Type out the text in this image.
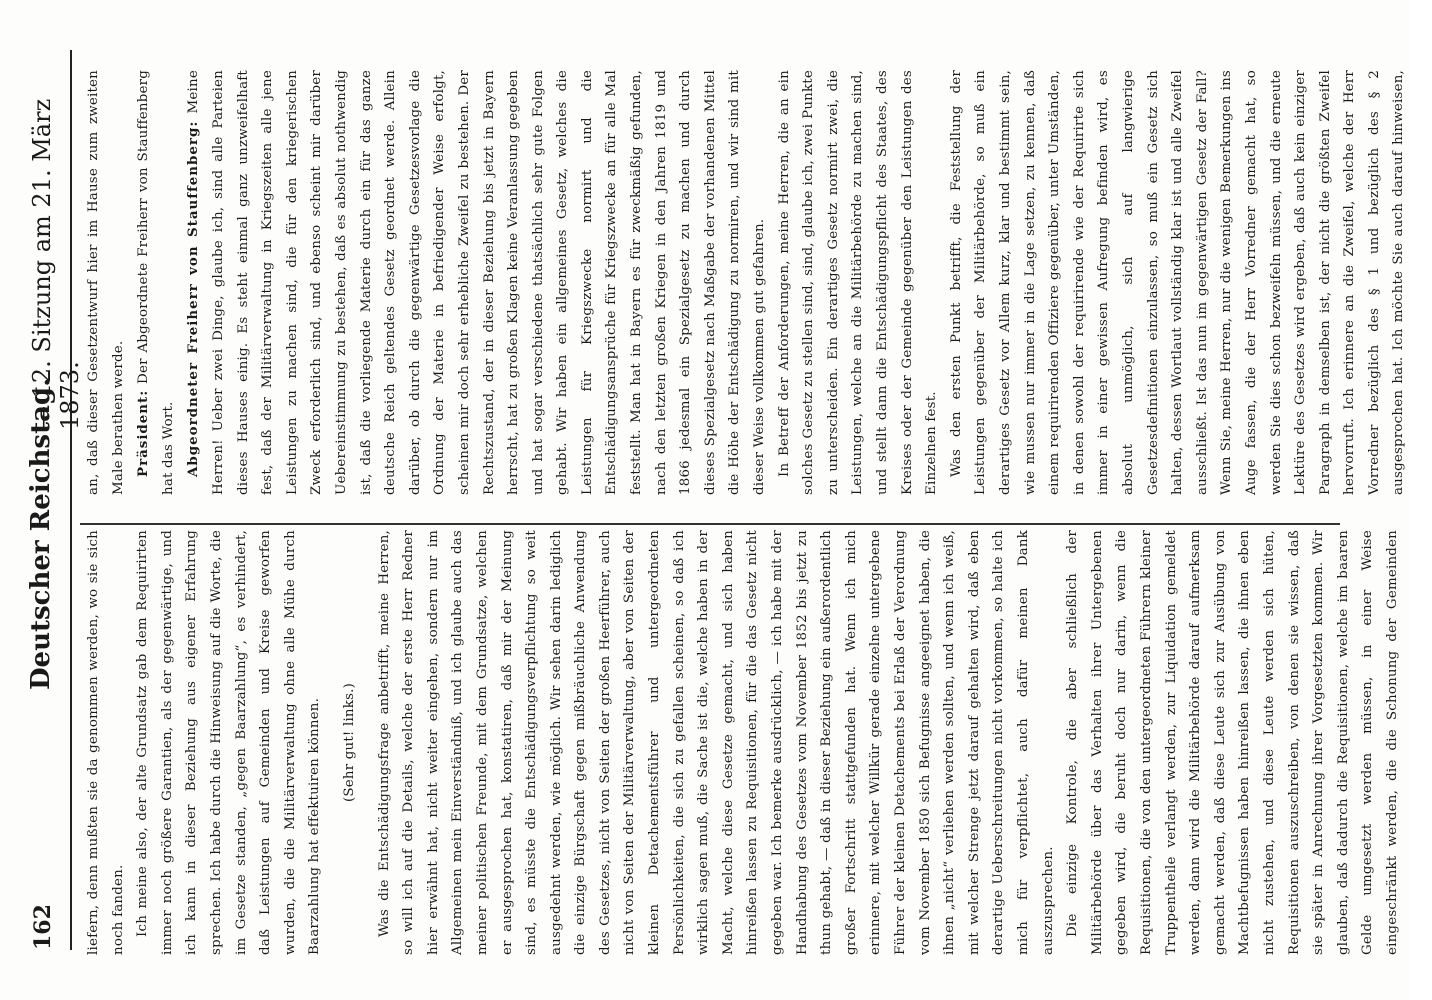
162
Deutscher Reichstag.
— 12. Sitzung am 21. März 1873.

liefern, denn mußten sie da genommen werden, wo sie sich noch fanden. Ich meine also, der alte Grundsatz gab dem Requirirten immer noch größere Garantien, als der gegenwärtige, und ich kann in dieser Beziehung aus eigener Erfahrung sprechen. Ich habe durch die Hinweisung auf die Worte, die im Gesetze standen, „gegen Baarzahlung“, es verhindert, daß Leistungen auf Gemeinden und Kreise geworfen wurden, die die Militärverwaltung ohne alle Mühe durch Baarzahlung hat effektuiren können.	(Sehr gut! links.)	Was die Entschädigungsfrage anbetrifft, meine Herren, so will ich auf die Details, welche der erste Herr Redner hier erwähnt hat, nicht weiter eingehen, sondern nur im Allgemeinen mein Einverständniß, und ich glaube auch das meiner politischen Freunde, mit dem Grundsatze, welchen er ausgesprochen hat, konstatiren, daß mir der Meinung sind, es müsste die Entschädigungsverpflichtung so weit ausgedehnt werden, wie möglich. Wir sehen darin lediglich die einzige Bürgschaft gegen mißbräuchliche Anwendung des Gesetzes, nicht von Seiten der großen Heerführer, auch nicht von Seiten der Militärverwaltung, aber von Seiten der kleinen Detachementsführer und untergeordneten Persönlichkeiten, die sich zu gefallen scheinen, so daß ich wirklich sagen muß, die Sache ist die, welche haben in der Macht, welche diese Gesetze gemacht, und sich haben hinreißen lassen zu Requisitionen, für die das Gesetz nicht gegeben war. Ich bemerke ausdrücklich, — ich habe mit der Handhabung des Gesetzes vom November 1852 bis jetzt zu thun gehabt, — daß in dieser Beziehung ein außerordentlich großer Fortschritt stattgefunden hat. Wenn ich mich erinnere, mit welcher Willkür gerade einzelne untergebene Führer der kleinen Detachements bei Erlaß der Verordnung vom November 1850 sich Befugnisse angeeignet haben, die ihnen „nicht“ verliehen werden sollten, und wenn ich weiß, mit welcher Strenge jetzt darauf gehalten wird, daß eben derartige Ueberschreitungen nicht vorkommen, so halte ich mich für verpflichtet, auch dafür meinen Dank auszusprechen. Die einzige Kontrole, die aber schließlich der Militärbehörde über das Verhalten ihrer Untergebenen gegeben wird, die beruht doch nur darin, wenn die Requisitionen, die von den untergeordneten Führern kleiner Truppentheile verlangt werden, zur Liquidation gemeldet werden, dann wird die Militärbehörde darauf aufmerksam gemacht werden, daß diese Leute sich zur Ausübung von Machtbefugnissen haben hinreißen lassen, die ihnen eben nicht zustehen, und diese Leute werden sich hüten, Requisitionen auszuschreiben, von denen sie wissen, daß sie später in Anrechnung ihrer Vorgesetzten kommen. Wir glauben, daß dadurch die Requisitionen, welche im baaren Gelde umgesetzt werden müssen, in einer Weise eingeschränkt werden, die die Schonung der Gemeinden

an, daß dieser Gesetzentwurf hier im Hause zum zweiten Male berathen werde. Präsident: Der Abgeordnete Freiherr von Stauffenberg hat das Wort. Abgeordneter Freiherr von Stauffenberg: Meine Herren! Ueber zwei Dinge, glaube ich, sind alle Parteien dieses Hauses einig. Es steht einmal ganz unzweifelhaft fest, daß der Militärverwaltung in Kriegszeiten alle jene Leistungen zu machen sind, die für den kriegerischen Zweck erforderlich sind, und ebenso scheint mir darüber Uebereinstimmung zu bestehen, daß es absolut nothwendig ist, daß die vorliegende Materie durch ein für das ganze deutsche Reich geltendes Gesetz geordnet werde. Allein darüber, ob durch die gegenwärtige Gesetzesvorlage die Ordnung der Materie in befriedigender Weise erfolgt, scheinen mir doch sehr erhebliche Zweifel zu bestehen. Der Rechtszustand, der in dieser Beziehung bis jetzt in Bayern herrscht, hat zu großen Klagen keine Veranlassung gegeben und hat sogar verschiedene thatsächlich sehr gute Folgen gehabt. Wir haben ein allgemeines Gesetz, welches die Leistungen für Kriegszwecke normirt und die Entschädigungsansprüche für Kriegszwecke an für alle Mal feststellt. Man hat in Bayern es für zweckmäßig gefunden, nach den letzten großen Kriegen in den Jahren 1819 und 1866 jedesmal ein Spezialgesetz zu machen und durch dieses Spezialgesetz nach Maßgabe der vorhandenen Mittel die Höhe der Entschädigung zu normiren, und wir sind mit dieser Weise vollkommen gut gefahren. In Betreff der Anforderungen, meine Herren, die an ein solches Gesetz zu stellen sind, sind, glaube ich, zwei Punkte zu unterscheiden. Ein derartiges Gesetz normirt zwei, die Leistungen, welche an die Militärbehörde zu machen sind, und stellt dann die Entschädigungspflicht des Staates, des Kreises oder der Gemeinde gegenüber den Leistungen des Einzelnen fest. Was den ersten Punkt betrifft, die Feststellung der Leistungen gegenüber der Militärbehörde, so muß ein derartiges Gesetz vor Allem kurz, klar und bestimmt sein, wie mussen nur immer in die Lage setzen, zu kennen, daß einem requirirenden Offiziere gegenüber, unter Umständen, in denen sowohl der requirirende wie der Requirirte sich immer in einer gewissen Aufregung befinden wird, es absolut unmöglich, sich auf langwierige Gesetzesdefinitionen einzulassen, so muß ein Gesetz sich halten, dessen Wortlaut vollständig klar ist und alle Zweifel ausschließt. Ist das nun im gegenwärtigen Gesetz der Fall? Wenn Sie, meine Herren, nur die wenigen Bemerkungen ins Auge fassen, die der Herr Vorredner gemacht hat, so werden Sie dies schon bezweifeln müssen, und die erneute Lektüre des Gesetzes wird ergeben, daß auch kein einziger Paragraph in demselben ist, der nicht die größten Zweifel hervorruft. Ich erinnere an die Zweifel, welche der Herr Vorredner bezüglich des § 1 und bezüglich des § 2 ausgesprochen hat. Ich möchte Sie auch darauf hinweisen,
